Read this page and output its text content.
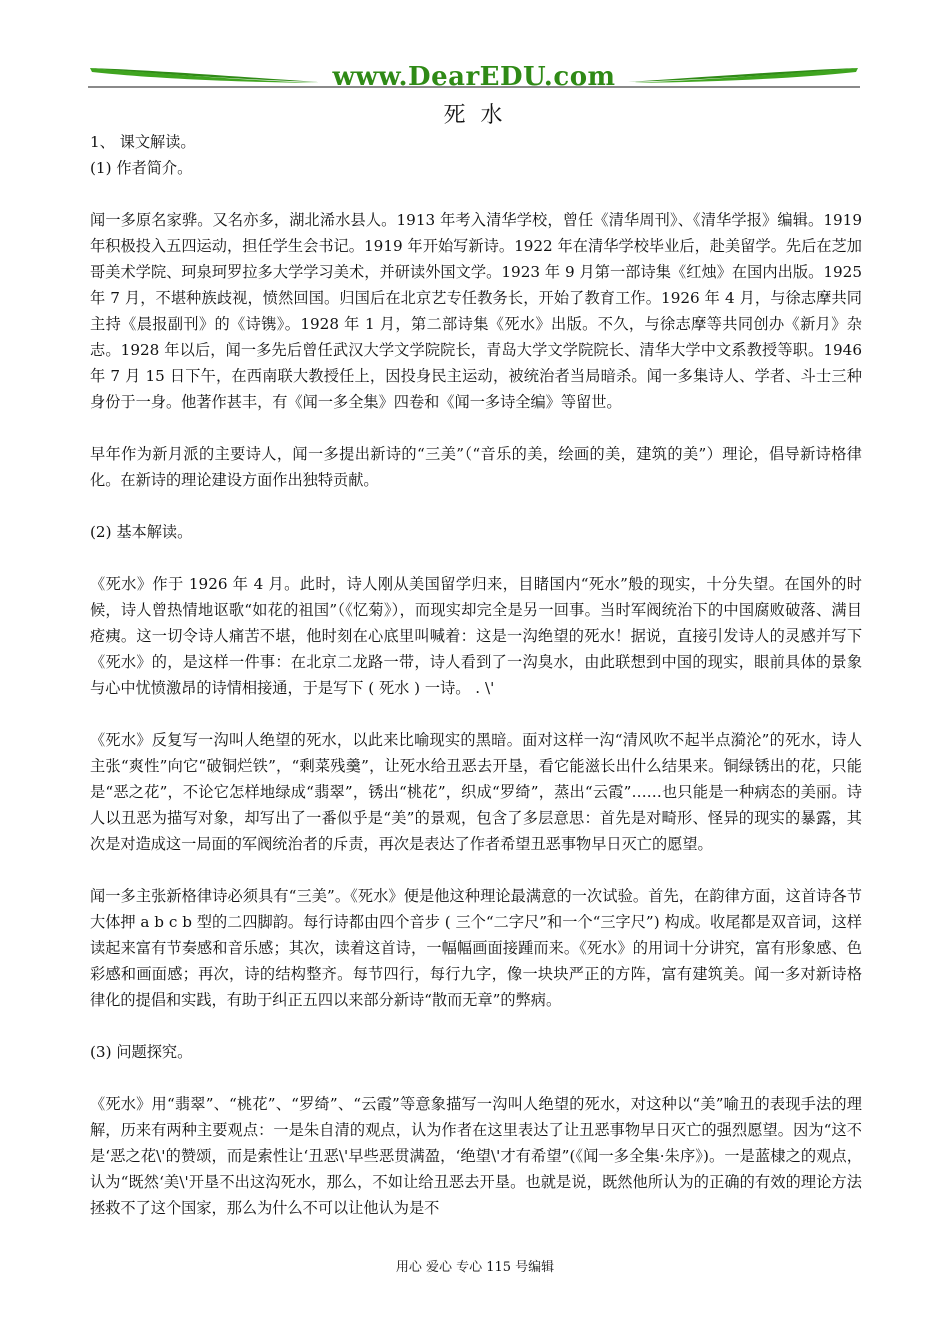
www.DearEDU.com
死 水

1、 课文解读。

(1) 作者简介。

闻一多原名家骅。又名亦多，湖北浠水县人。1913 年考入清华学校，曾任《清华周刊》、《清华学报》编辑。1919 年积极投入五四运动，担任学生会书记。1919 年开始写新诗。1922 年在清华学校毕业后，赴美留学。先后在芝加哥美术学院、珂泉珂罗拉多大学学习美术，并研读外国文学。1923 年 9 月第一部诗集《红烛》在国内出版。1925 年 7 月，不堪种族歧视，愤然回国。归国后在北京艺专任教务长，开始了教育工作。1926 年 4 月，与徐志摩共同主持《晨报副刊》的《诗镌》。1928 年 1 月，第二部诗集《死水》出版。不久，与徐志摩等共同创办《新月》杂志。1928 年以后，闻一多先后曾任武汉大学文学院院长，青岛大学文学院院长、清华大学中文系教授等职。1946 年 7 月 15 日下午，在西南联大教授任上，因投身民主运动，被统治者当局暗杀。闻一多集诗人、学者、斗士三种身份于一身。他著作甚丰，有《闻一多全集》四卷和《闻一多诗全编》等留世。

早年作为新月派的主要诗人，闻一多提出新诗的“三美”（“音乐的美，绘画的美，建筑的美”）理论，倡导新诗格律化。在新诗的理论建设方面作出独特贡献。

(2) 基本解读。

《死水》作于 1926 年 4 月。此时，诗人刚从美国留学归来，目睹国内“死水”般的现实，十分失望。在国外的时候，诗人曾热情地讴歌“如花的祖国”（《忆菊》），而现实却完全是另一回事。当时军阀统治下的中国腐败破落、满目疮痍。这一切令诗人痛苦不堪，他时刻在心底里叫喊着：这是一沟绝望的死水！据说，直接引发诗人的灵感并写下《死水》的，是这样一件事：在北京二龙路一带，诗人看到了一沟臭水，由此联想到中国的现实，眼前具体的景象与心中忧愤激昂的诗情相接通，于是写下 ( 死水 ) 一诗。 . \'

《死水》反复写一沟叫人绝望的死水，以此来比喻现实的黑暗。面对这样一沟“清风吹不起半点漪沦”的死水，诗人主张“爽性”向它“破铜烂铁”，“剩菜残羹”，让死水给丑恶去开垦，看它能滋长出什么结果来。铜绿锈出的花，只能是“恶之花”，不论它怎样地绿成“翡翠”，锈出“桃花”，织成“罗绮”，蒸出“云霞”……也只能是一种病态的美丽。诗人以丑恶为描写对象，却写出了一番似乎是“美”的景观，包含了多层意思：首先是对畸形、怪异的现实的暴露，其次是对造成这一局面的军阀统治者的斥责，再次是表达了作者希望丑恶事物早日灭亡的愿望。

闻一多主张新格律诗必须具有“三美”。《死水》便是他这种理论最满意的一次试验。首先，在韵律方面，这首诗各节大体押 a b c b 型的二四脚韵。每行诗都由四个音步 ( 三个“二字尺”和一个“三字尺”) 构成。收尾都是双音词，这样读起来富有节奏感和音乐感；其次，读着这首诗，一幅幅画面接踵而来。《死水》的用词十分讲究，富有形象感、色彩感和画面感；再次，诗的结构整齐。每节四行，每行九字，像一块块严正的方阵，富有建筑美。闻一多对新诗格律化的提倡和实践，有助于纠正五四以来部分新诗“散而无章”的弊病。

(3) 问题探究。

《死水》用“翡翠”、“桃花”、“罗绮”、“云霞”等意象描写一沟叫人绝望的死水，对这种以“美”喻丑的表现手法的理解，历来有两种主要观点：一是朱自清的观点，认为作者在这里表达了让丑恶事物早日灭亡的强烈愿望。因为“这不是‘恶之花\'的赞颂，而是索性让‘丑恶\'早些恶贯满盈，‘绝望\'才有希望”(《闻一多全集·朱序》)。一是蓝棣之的观点，认为“既然‘美\'开垦不出这沟死水，那么，不如让给丑恶去开垦。也就是说，既然他所认为的正确的有效的理论方法拯救不了这个国家，那么为什么不可以让他认为是不

用心 爱心 专心 115 号编辑
